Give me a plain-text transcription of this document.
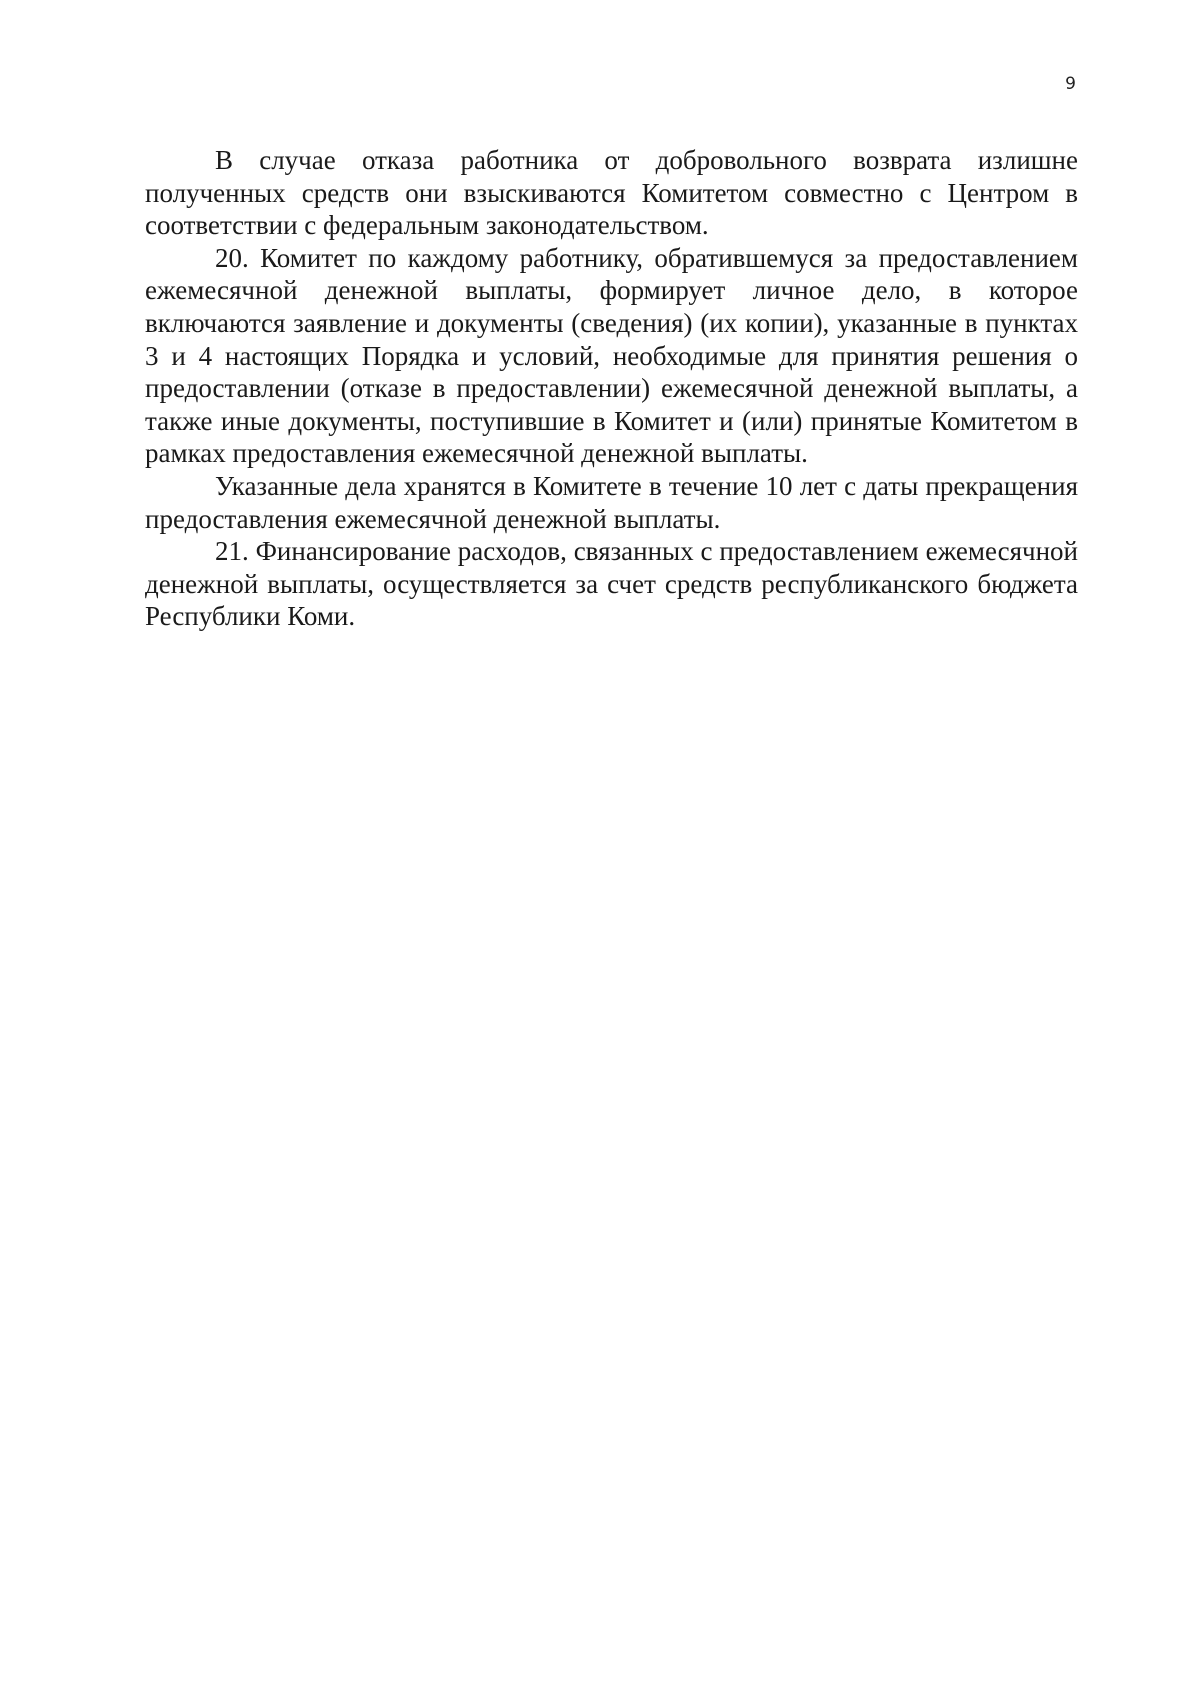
9

В случае отказа работника от добровольного возврата излишне полученных средств они взыскиваются Комитетом совместно с Центром в соответствии с федеральным законодательством.

20. Комитет по каждому работнику, обратившемуся за предоставлением ежемесячной денежной выплаты, формирует личное дело, в которое включаются заявление и документы (сведения) (их копии), указанные в пунктах 3 и 4 настоящих Порядка и условий, необходимые для принятия решения о предоставлении (отказе в предоставлении) ежемесячной денежной выплаты, а также иные документы, поступившие в Комитет и (или) принятые Комитетом в рамках предоставления ежемесячной денежной выплаты.

Указанные дела хранятся в Комитете в течение 10 лет с даты прекращения предоставления ежемесячной денежной выплаты.

21. Финансирование расходов, связанных с предоставлением ежемесячной денежной выплаты, осуществляется за счет средств республиканского бюджета Республики Коми.
